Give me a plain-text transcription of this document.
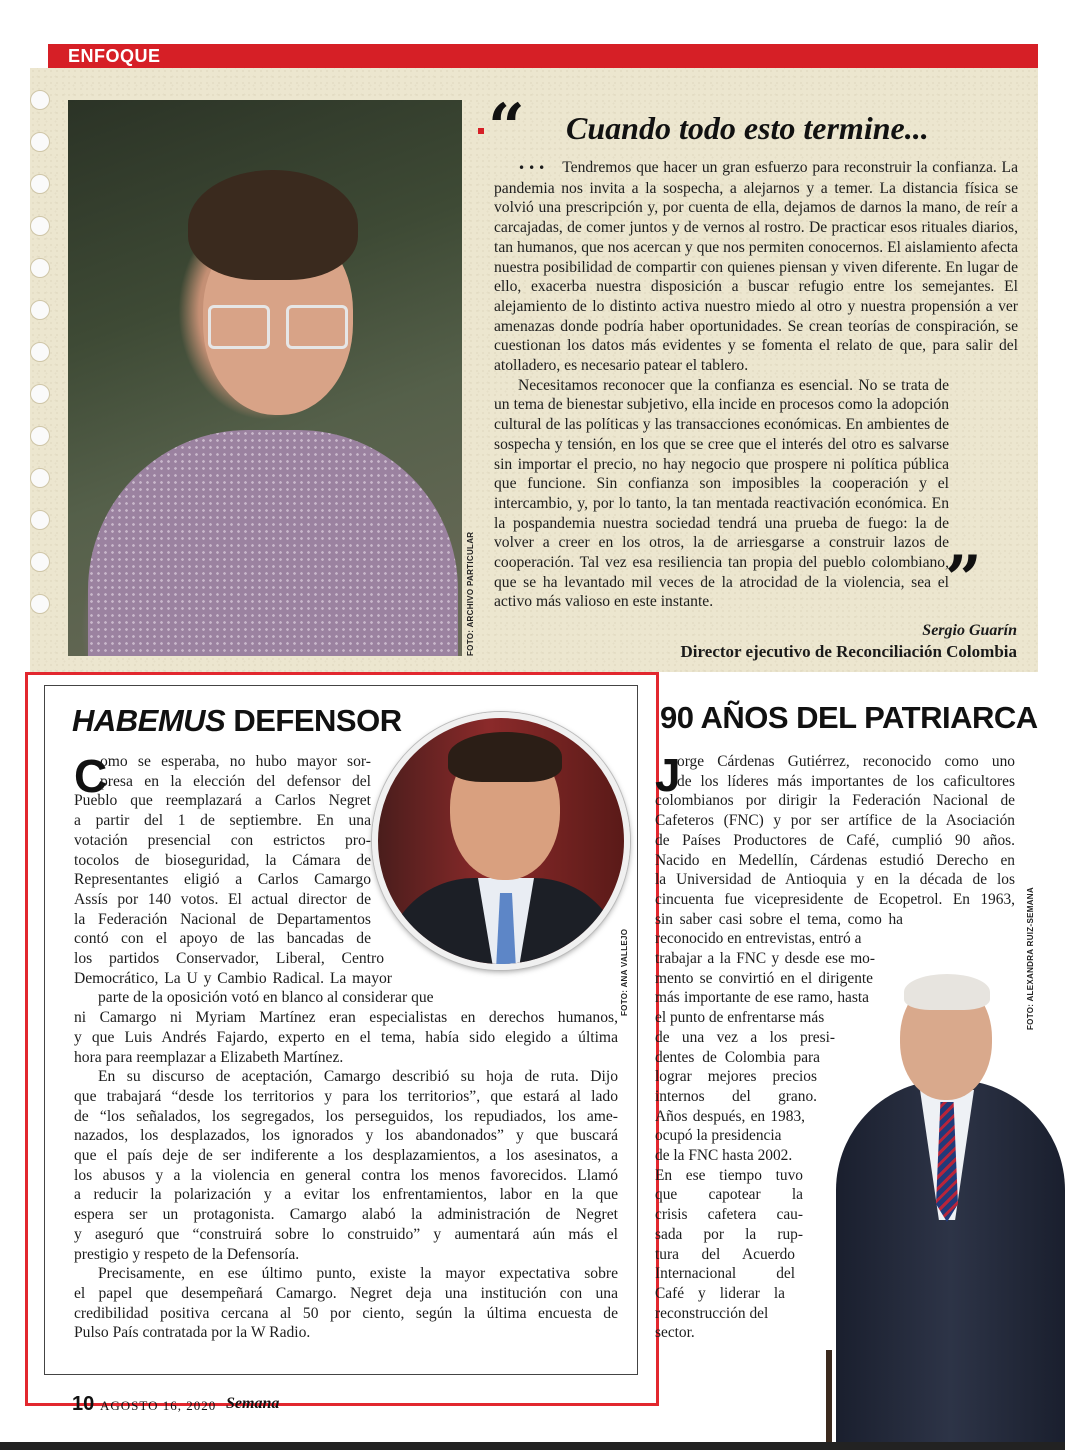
ENFOQUE
FOTO: ARCHIVO PARTICULAR
“ Cuando todo esto termine...

••• Tendremos que hacer un gran esfuerzo para reconstruir la confianza. La pandemia nos invita a la sospecha, a alejarnos y a temer. La distancia física se volvió una prescripción y, por cuenta de ella, dejamos de darnos la mano, de reír a carcajadas, de comer juntos y de vernos al rostro. De practicar esos rituales diarios, tan humanos, que nos acercan y que nos permiten conocernos. El aislamiento afecta nuestra posibilidad de compartir con quienes piensan y viven diferente. En lugar de ello, exacerba nuestra disposición a buscar refugio entre los semejantes. El alejamiento de lo distinto activa nuestro miedo al otro y nuestra propensión a ver amenazas donde podría haber oportunidades. Se crean teorías de conspiración, se cuestionan los datos más evidentes y se fomenta el relato de que, para salir del atolladero, es necesario patear el tablero.

Necesitamos reconocer que la confianza es esencial. No se trata de un tema de bienestar subjetivo, ella incide en procesos como la adopción cultural de las políticas y las transacciones económicas. En ambientes de sospecha y tensión, en los que se cree que el interés del otro es salvarse sin importar el precio, no hay negocio que prospere ni política pública que funcione. Sin confianza son imposibles la cooperación y el intercambio, y, por lo tanto, la tan mentada reactivación económica. En la pospandemia nuestra sociedad tendrá una prueba de fuego: la de volver a creer en los otros, la de arriesgarse a construir lazos de cooperación. Tal vez esa resiliencia tan propia del pueblo colombiano, que se ha levantado mil veces de la atrocidad de la violencia, sea el activo más valioso en este instante.	”
Sergio Guarín
Director ejecutivo de Reconciliación Colombia
HABEMUS DEFENSOR
FOTO: ANA VALLEJO
C
omo se esperaba, no hubo mayor sor-
presa en la elección del defensor del
Pueblo que reemplazará a Carlos Negret
a partir del 1 de septiembre. En una
votación presencial con estrictos pro-
tocolos de bioseguridad, la Cámara de
Representantes eligió a Carlos Camargo
Assís por 140 votos. El actual director de
la Federación Nacional de Departamentos
contó con el apoyo de las bancadas de
los partidos Conservador, Liberal, Centro
Democrático, La U y Cambio Radical. La mayor
parte de la oposición votó en blanco al considerar que
ni Camargo ni Myriam Martínez eran especialistas en derechos humanos,
y que Luis Andrés Fajardo, experto en el tema, había sido elegido a última
hora para reemplazar a Elizabeth Martínez.
En su discurso de aceptación, Camargo describió su hoja de ruta. Dijo
que trabajará “desde los territorios y para los territorios”, que estará al lado
de “los señalados, los segregados, los perseguidos, los repudiados, los ame-
nazados, los desplazados, los ignorados y los abandonados” y que buscará
que el país deje de ser indiferente a los desplazamientos, a los asesinatos, a
los abusos y a la violencia en general contra los menos favorecidos. Llamó
a reducir la polarización y a evitar los enfrentamientos, labor en la que
espera ser un protagonista. Camargo alabó la administración de Negret
y aseguró que “construirá sobre lo construido” y aumentará aún más el
prestigio y respeto de la Defensoría.
Precisamente, en ese último punto, existe la mayor expectativa sobre
el papel que desempeñará Camargo. Negret deja una institución con una
credibilidad positiva cercana al 50 por ciento, según la última encuesta de
Pulso País contratada por la W Radio.
90 AÑOS DEL PATRIARCA
FOTO: ALEXANDRA RUIZ-SEMANA
J
orge Cárdenas Gutiérrez, reconocido como uno
de los líderes más importantes de los caficultores
colombianos por dirigir la Federación Nacional de
Cafeteros (FNC) y por ser artífice de la Asociación
de Países Productores de Café, cumplió 90 años.
Nacido en Medellín, Cárdenas estudió Derecho en
la Universidad de Antioquia y en la década de los
cincuenta fue vicepresidente de Ecopetrol. En 1963,
sin saber casi sobre el tema, como ha
reconocido en entrevistas, entró a
trabajar a la FNC y desde ese mo-
mento se convirtió en el dirigente
más importante de ese ramo, hasta
el punto de enfrentarse más
de una vez a los presi-
dentes de Colombia para
lograr mejores precios
internos del grano.
Años después, en 1983,
ocupó la presidencia
de la FNC hasta 2002.
En ese tiempo tuvo
que capotear la
crisis cafetera cau-
sada por la rup-
tura del Acuerdo
Internacional del
Café y liderar la
reconstrucción del
sector.
10 AGOSTO 16, 2020 Semana
